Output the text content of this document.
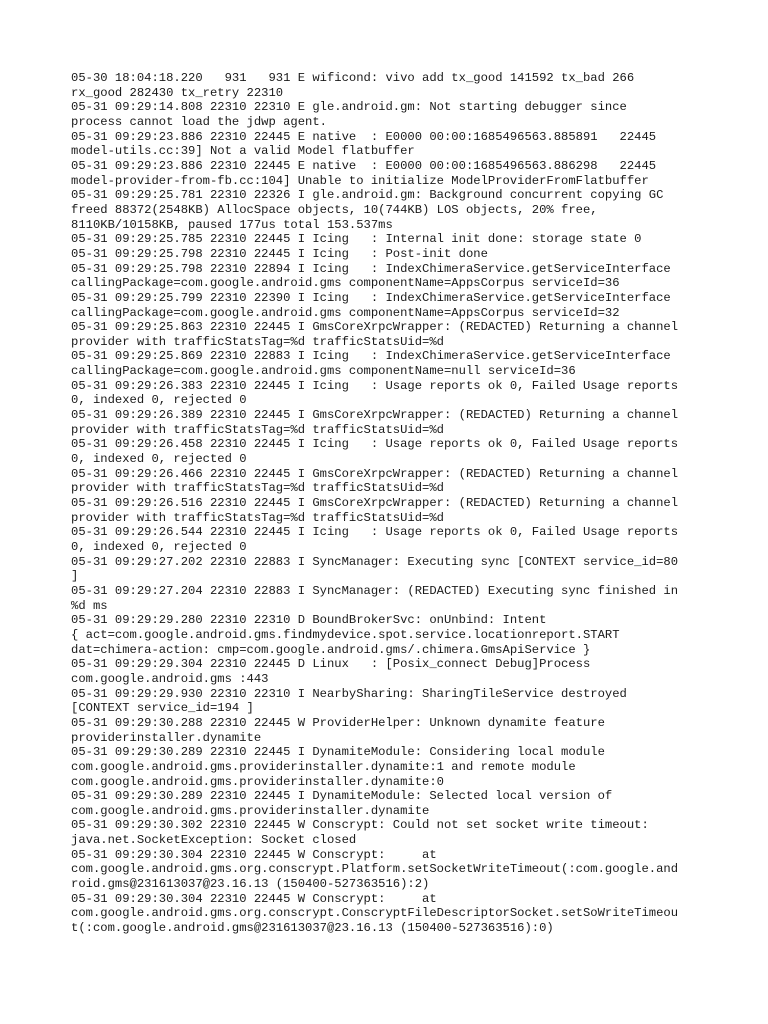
05-30 18:04:18.220   931   931 E wificond: vivo add tx_good 141592 tx_bad 266
rx_good 282430 tx_retry 22310
05-31 09:29:14.808 22310 22310 E gle.android.gm: Not starting debugger since
process cannot load the jdwp agent.
05-31 09:29:23.886 22310 22445 E native  : E0000 00:00:1685496563.885891   22445
model-utils.cc:39] Not a valid Model flatbuffer
05-31 09:29:23.886 22310 22445 E native  : E0000 00:00:1685496563.886298   22445
model-provider-from-fb.cc:104] Unable to initialize ModelProviderFromFlatbuffer
05-31 09:29:25.781 22310 22326 I gle.android.gm: Background concurrent copying GC
freed 88372(2548KB) AllocSpace objects, 10(744KB) LOS objects, 20% free,
8110KB/10158KB, paused 177us total 153.537ms
05-31 09:29:25.785 22310 22445 I Icing   : Internal init done: storage state 0
05-31 09:29:25.798 22310 22445 I Icing   : Post-init done
05-31 09:29:25.798 22310 22894 I Icing   : IndexChimeraService.getServiceInterface
callingPackage=com.google.android.gms componentName=AppsCorpus serviceId=36
05-31 09:29:25.799 22310 22390 I Icing   : IndexChimeraService.getServiceInterface
callingPackage=com.google.android.gms componentName=AppsCorpus serviceId=32
05-31 09:29:25.863 22310 22445 I GmsCoreXrpcWrapper: (REDACTED) Returning a channel
provider with trafficStatsTag=%d trafficStatsUid=%d
05-31 09:29:25.869 22310 22883 I Icing   : IndexChimeraService.getServiceInterface
callingPackage=com.google.android.gms componentName=null serviceId=36
05-31 09:29:26.383 22310 22445 I Icing   : Usage reports ok 0, Failed Usage reports
0, indexed 0, rejected 0
05-31 09:29:26.389 22310 22445 I GmsCoreXrpcWrapper: (REDACTED) Returning a channel
provider with trafficStatsTag=%d trafficStatsUid=%d
05-31 09:29:26.458 22310 22445 I Icing   : Usage reports ok 0, Failed Usage reports
0, indexed 0, rejected 0
05-31 09:29:26.466 22310 22445 I GmsCoreXrpcWrapper: (REDACTED) Returning a channel
provider with trafficStatsTag=%d trafficStatsUid=%d
05-31 09:29:26.516 22310 22445 I GmsCoreXrpcWrapper: (REDACTED) Returning a channel
provider with trafficStatsTag=%d trafficStatsUid=%d
05-31 09:29:26.544 22310 22445 I Icing   : Usage reports ok 0, Failed Usage reports
0, indexed 0, rejected 0
05-31 09:29:27.202 22310 22883 I SyncManager: Executing sync [CONTEXT service_id=80
]
05-31 09:29:27.204 22310 22883 I SyncManager: (REDACTED) Executing sync finished in
%d ms
05-31 09:29:29.280 22310 22310 D BoundBrokerSvc: onUnbind: Intent
{ act=com.google.android.gms.findmydevice.spot.service.locationreport.START
dat=chimera-action: cmp=com.google.android.gms/.chimera.GmsApiService }
05-31 09:29:29.304 22310 22445 D Linux   : [Posix_connect Debug]Process
com.google.android.gms :443
05-31 09:29:29.930 22310 22310 I NearbySharing: SharingTileService destroyed
[CONTEXT service_id=194 ]
05-31 09:29:30.288 22310 22445 W ProviderHelper: Unknown dynamite feature
providerinstaller.dynamite
05-31 09:29:30.289 22310 22445 I DynamiteModule: Considering local module
com.google.android.gms.providerinstaller.dynamite:1 and remote module
com.google.android.gms.providerinstaller.dynamite:0
05-31 09:29:30.289 22310 22445 I DynamiteModule: Selected local version of
com.google.android.gms.providerinstaller.dynamite
05-31 09:29:30.302 22310 22445 W Conscrypt: Could not set socket write timeout:
java.net.SocketException: Socket closed
05-31 09:29:30.304 22310 22445 W Conscrypt:     at
com.google.android.gms.org.conscrypt.Platform.setSocketWriteTimeout(:com.google.and
roid.gms@231613037@23.16.13 (150400-527363516):2)
05-31 09:29:30.304 22310 22445 W Conscrypt:     at
com.google.android.gms.org.conscrypt.ConscryptFileDescriptorSocket.setSoWriteTimeou
t(:com.google.android.gms@231613037@23.16.13 (150400-527363516):0)
